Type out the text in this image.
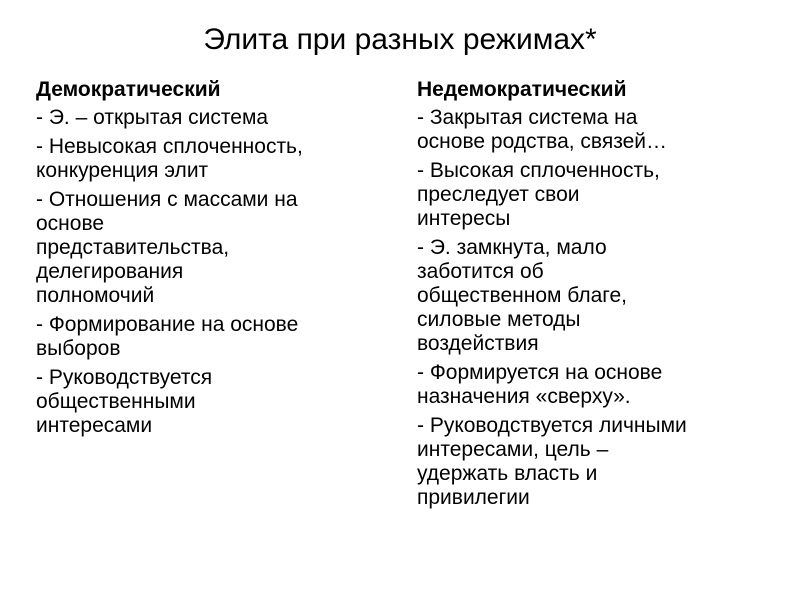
Элита при разных режимах*
Демократический
- Э. – открытая система
- Невысокая сплоченность,
конкуренция элит
- Отношения с массами на
основе
представительства,
делегирования
полномочий
- Формирование на основе
выборов
- Руководствуется
общественными
интересами
Недемократический
- Закрытая система на
основе родства, связей…
- Высокая сплоченность,
преследует свои
интересы
- Э. замкнута, мало
заботится об
общественном благе,
силовые методы
воздействия
- Формируется на основе
назначения «сверху».
- Руководствуется личными
интересами, цель –
удержать власть и
привилегии
